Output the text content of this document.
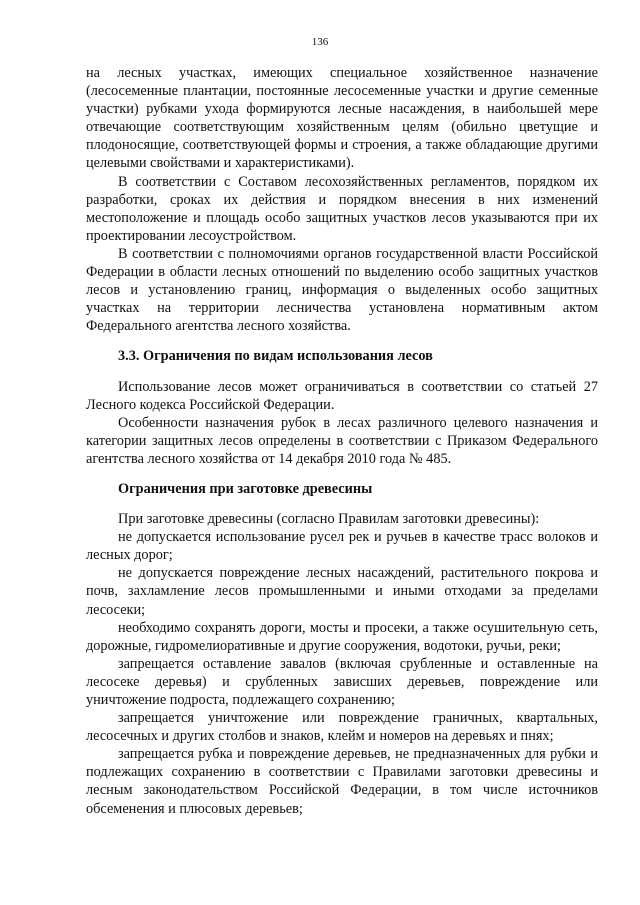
136

на лесных участках, имеющих специальное хозяйственное назначение (лесосеменные плантации, постоянные лесосеменные участки и другие семенные участки) рубками ухода формируются лесные насаждения, в наибольшей мере отвечающие соответствующим хозяйственным целям (обильно цветущие и плодоносящие, соответствующей формы и строения, а также обладающие другими целевыми свойствами и характеристиками).

В соответствии с Составом лесохозяйственных регламентов, порядком их разработки, сроках их действия и порядком внесения в них изменений местоположение и площадь особо защитных участков лесов указываются при их проектировании лесоустройством.

В соответствии с полномочиями органов государственной власти Российской Федерации в области лесных отношений по выделению особо защитных участков лесов и установлению границ, информация о выделенных особо защитных участках на территории лесничества установлена нормативным актом Федерального агентства лесного хозяйства.

3.3. Ограничения по видам использования лесов

Использование лесов может ограничиваться в соответствии со статьей 27 Лесного кодекса Российской Федерации.

Особенности назначения рубок в лесах различного целевого назначения и категории защитных лесов определены в соответствии с Приказом Федерального агентства лесного хозяйства от 14 декабря 2010 года № 485.

Ограничения при заготовке древесины

При заготовке древесины (согласно Правилам заготовки древесины):

не допускается использование русел рек и ручьев в качестве трасс волоков и лесных дорог;

не допускается повреждение лесных насаждений, растительного покрова и почв, захламление лесов промышленными и иными отходами за пределами лесосеки;

необходимо сохранять дороги, мосты и просеки, а также осушительную сеть, дорожные, гидромелиоративные и другие сооружения, водотоки, ручьи, реки;

запрещается оставление завалов (включая срубленные и оставленные на лесосеке деревья) и срубленных зависших деревьев, повреждение или уничтожение подроста, подлежащего сохранению;

запрещается уничтожение или повреждение граничных, квартальных, лесосечных и других столбов и знаков, клейм и номеров на деревьях и пнях;

запрещается рубка и повреждение деревьев, не предназначенных для рубки и подлежащих сохранению в соответствии с Правилами заготовки древесины и лесным законодательством Российской Федерации, в том числе источников обсеменения и плюсовых деревьев;
